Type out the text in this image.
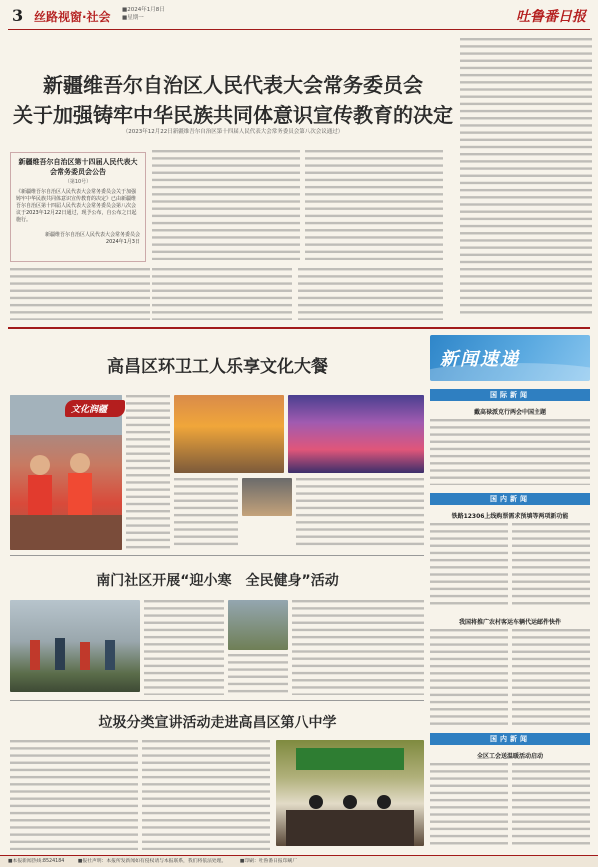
3 丝路视窗·社会 ■2024年1月8日
■星期一	吐鲁番日报
新疆维吾尔自治区人民代表大会常务委员会
关于加强铸牢中华民族共同体意识宣传教育的决定
（2023年12月22日新疆维吾尔自治区第十四届人民代表大会常务委员会第八次会议通过）
新疆维吾尔自治区第十四届人民代表大会常务委员会公告
（第10号）
《新疆维吾尔自治区人民代表大会常务委员会关于加强铸牢中华民族共同体意识宣传教育的决定》已由新疆维吾尔自治区第十四届人民代表大会常务委员会第八次会议于2023年12月22日通过，现予公布，自公布之日起施行。
新疆维吾尔自治区人民代表大会常务委员会
2024年1月3日
高昌区环卫工人乐享文化大餐
文化润疆
南门社区开展“迎小寒　全民健身”活动
垃圾分类宣讲活动走进高昌区第八中学
新闻速递
国际新闻
戴高禄派克行两会中国主题
国内新闻
铁路12306上线购票需求预填等两项新功能
我国将推广农村客运车辆代运邮件快件
国内新闻
全区工会送温暖活动启动
■本报新闻热线:8524184	■报社声明：本报所发新闻如有侵权请与本报联系，我们将依法处理。	■印刷：吐鲁番日报印刷厂
